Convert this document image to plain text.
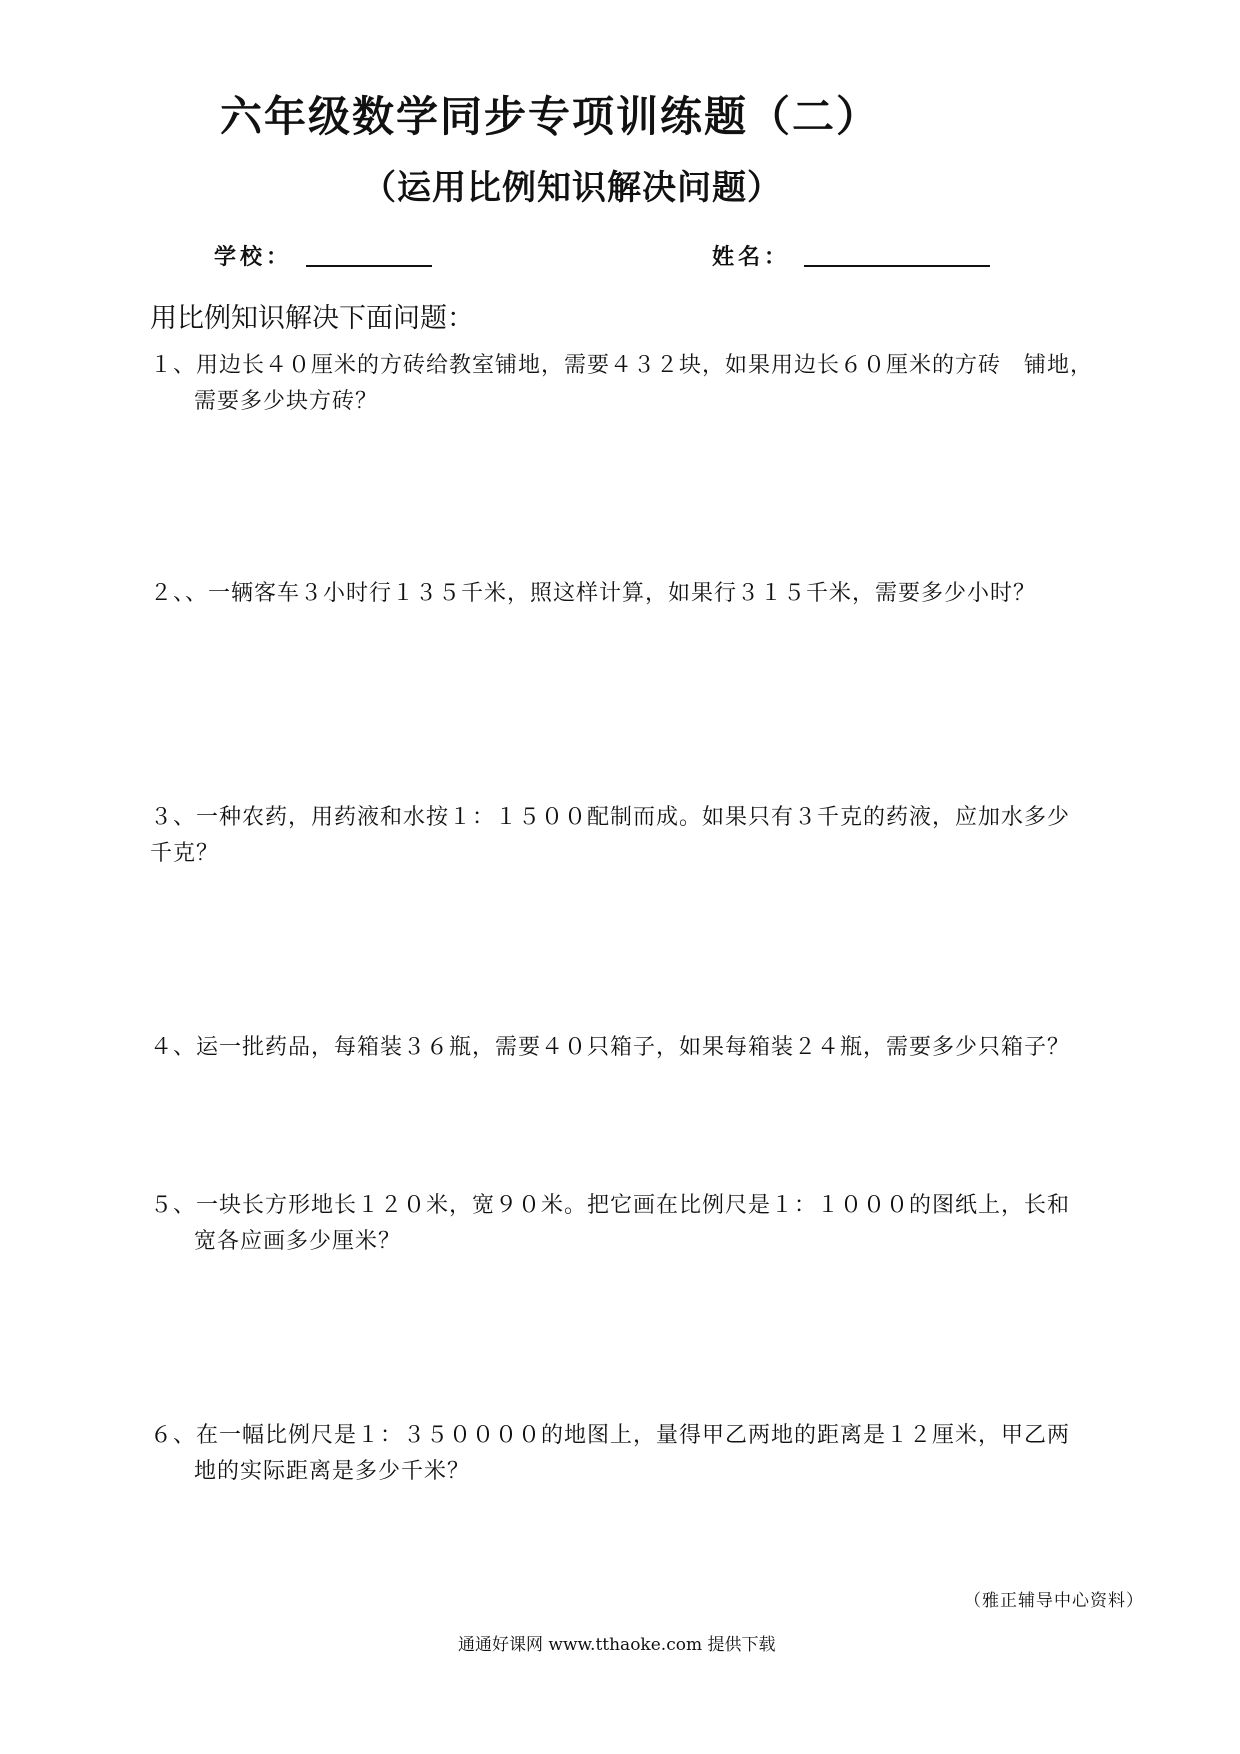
六年级数学同步专项训练题（二）
（运用比例知识解决问题）
学校：	姓名：
用比例知识解决下面问题：
１、用边长４０厘米的方砖给教室铺地，需要４３２块，如果用边长６０厘米的方砖　铺地，
需要多少块方砖？
２、、一辆客车３小时行１３５千米，照这样计算，如果行３１５千米，需要多少小时？
３、一种农药，用药液和水按１：１５００配制而成。如果只有３千克的药液，应加水多少
千克？
４、运一批药品，每箱装３６瓶，需要４０只箱子，如果每箱装２４瓶，需要多少只箱子？
５、一块长方形地长１２０米，宽９０米。把它画在比例尺是１：１０００的图纸上，长和
宽各应画多少厘米？
６、在一幅比例尺是１：３５００００的地图上，量得甲乙两地的距离是１２厘米，甲乙两
地的实际距离是多少千米？
（雅正辅导中心资料）
通通好课网 www.tthaoke.com 提供下载
